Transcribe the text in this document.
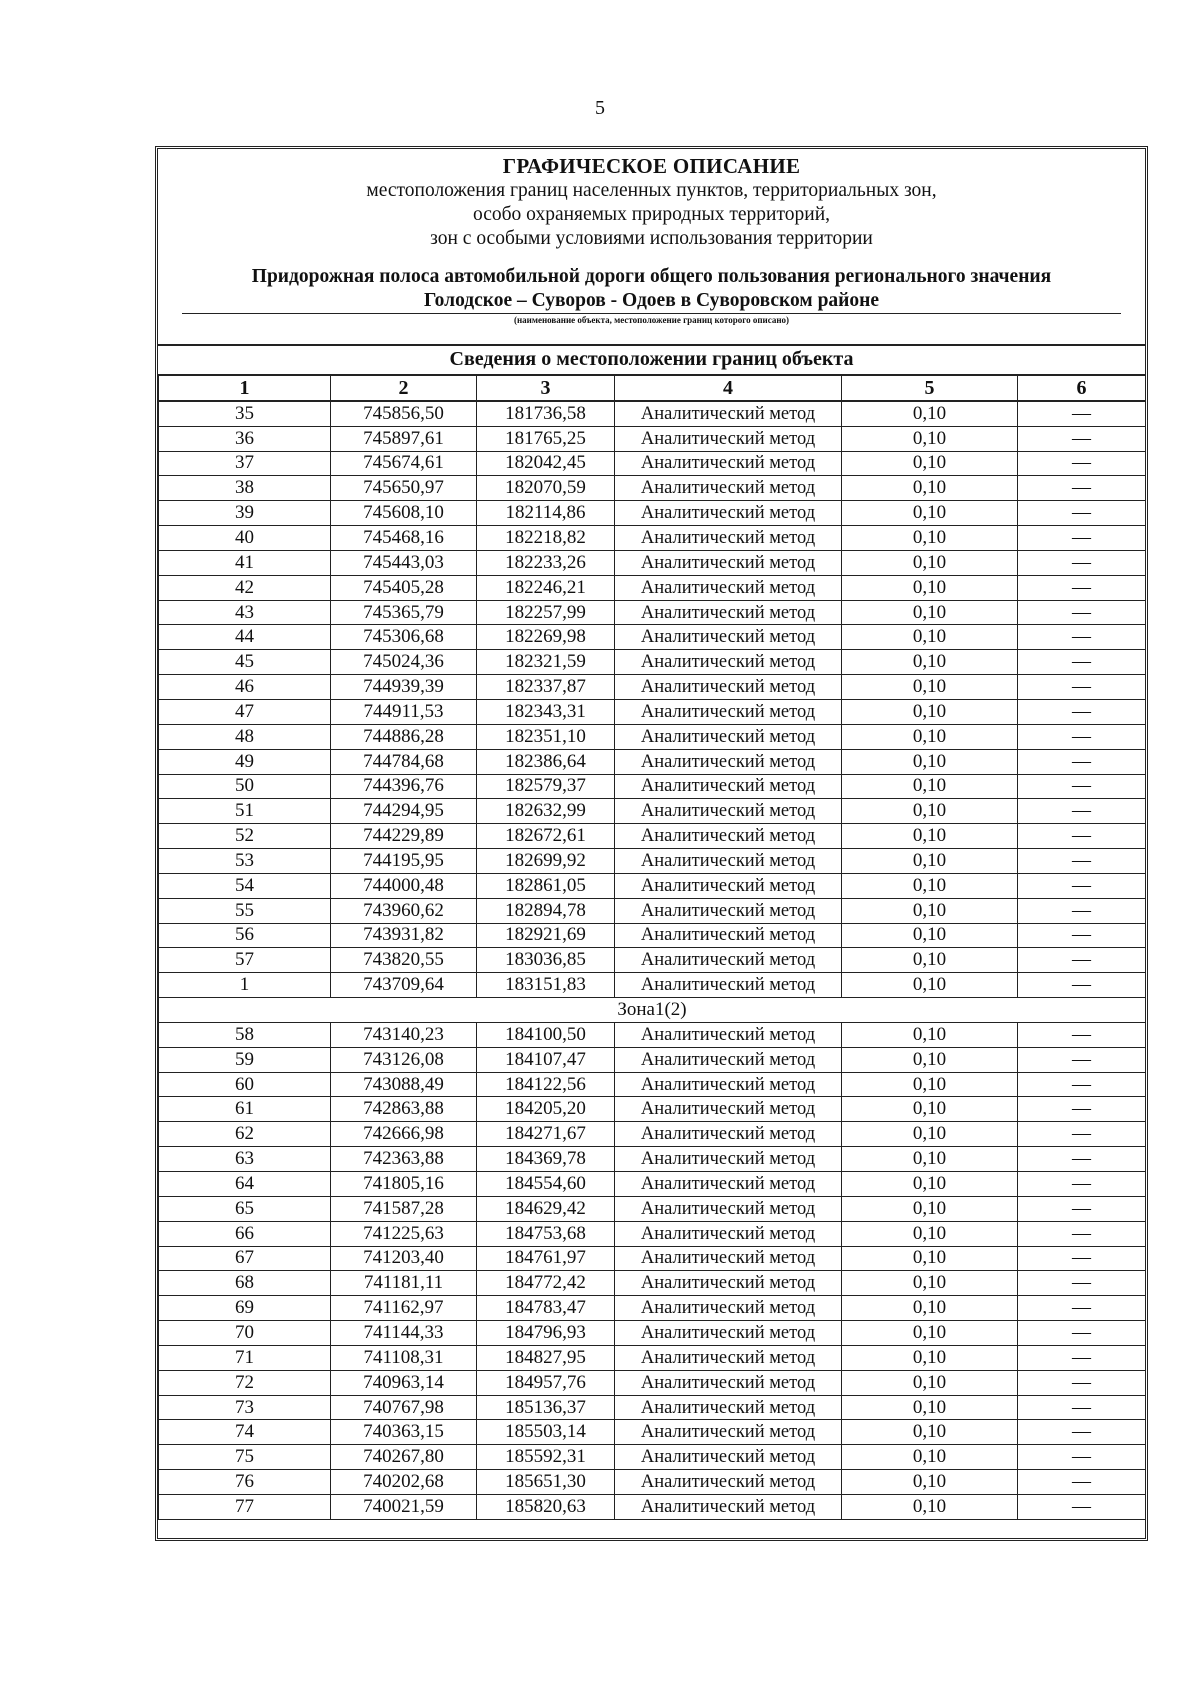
5
ГРАФИЧЕСКОЕ ОПИСАНИЕ
местоположения границ населенных пунктов, территориальных зон,
особо охраняемых природных территорий,
зон с особыми условиями использования территории
Придорожная полоса автомобильной дороги общего пользования регионального значения
Голодское – Суворов - Одоев в Суворовском районе
(наименование объекта, местоположение границ которого описано)
Сведения о местоположении границ объекта
1	2	3	4	5	6
35	745856,50	181736,58	Аналитический метод	0,10	—
36	745897,61	181765,25	Аналитический метод	0,10	—
37	745674,61	182042,45	Аналитический метод	0,10	—
38	745650,97	182070,59	Аналитический метод	0,10	—
39	745608,10	182114,86	Аналитический метод	0,10	—
40	745468,16	182218,82	Аналитический метод	0,10	—
41	745443,03	182233,26	Аналитический метод	0,10	—
42	745405,28	182246,21	Аналитический метод	0,10	—
43	745365,79	182257,99	Аналитический метод	0,10	—
44	745306,68	182269,98	Аналитический метод	0,10	—
45	745024,36	182321,59	Аналитический метод	0,10	—
46	744939,39	182337,87	Аналитический метод	0,10	—
47	744911,53	182343,31	Аналитический метод	0,10	—
48	744886,28	182351,10	Аналитический метод	0,10	—
49	744784,68	182386,64	Аналитический метод	0,10	—
50	744396,76	182579,37	Аналитический метод	0,10	—
51	744294,95	182632,99	Аналитический метод	0,10	—
52	744229,89	182672,61	Аналитический метод	0,10	—
53	744195,95	182699,92	Аналитический метод	0,10	—
54	744000,48	182861,05	Аналитический метод	0,10	—
55	743960,62	182894,78	Аналитический метод	0,10	—
56	743931,82	182921,69	Аналитический метод	0,10	—
57	743820,55	183036,85	Аналитический метод	0,10	—
1	743709,64	183151,83	Аналитический метод	0,10	—
Зона1(2)					
58	743140,23	184100,50	Аналитический метод	0,10	—
59	743126,08	184107,47	Аналитический метод	0,10	—
60	743088,49	184122,56	Аналитический метод	0,10	—
61	742863,88	184205,20	Аналитический метод	0,10	—
62	742666,98	184271,67	Аналитический метод	0,10	—
63	742363,88	184369,78	Аналитический метод	0,10	—
64	741805,16	184554,60	Аналитический метод	0,10	—
65	741587,28	184629,42	Аналитический метод	0,10	—
66	741225,63	184753,68	Аналитический метод	0,10	—
67	741203,40	184761,97	Аналитический метод	0,10	—
68	741181,11	184772,42	Аналитический метод	0,10	—
69	741162,97	184783,47	Аналитический метод	0,10	—
70	741144,33	184796,93	Аналитический метод	0,10	—
71	741108,31	184827,95	Аналитический метод	0,10	—
72	740963,14	184957,76	Аналитический метод	0,10	—
73	740767,98	185136,37	Аналитический метод	0,10	—
74	740363,15	185503,14	Аналитический метод	0,10	—
75	740267,80	185592,31	Аналитический метод	0,10	—
76	740202,68	185651,30	Аналитический метод	0,10	—
77	740021,59	185820,63	Аналитический метод	0,10	—
